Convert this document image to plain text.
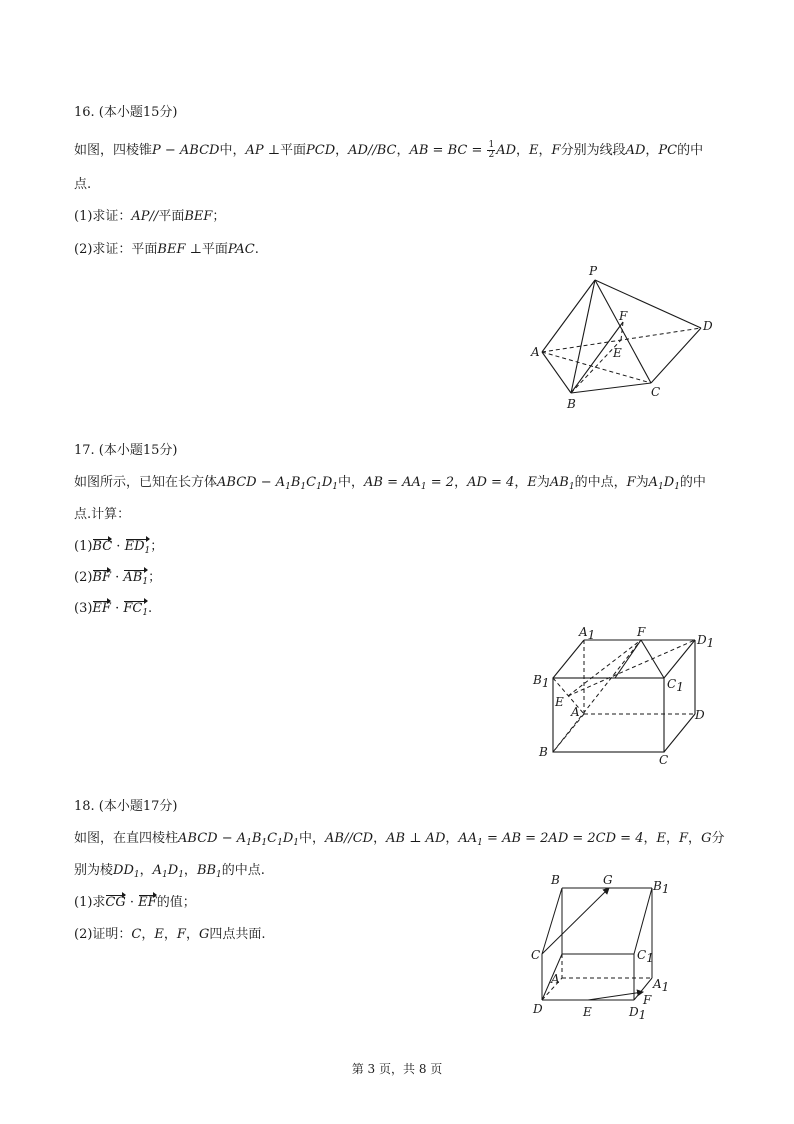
16. (本小题15分)
如图，四棱锥P − ABCD中，AP ⊥平面PCD，AD//BC，AB = BC = $\frac{1}{2}$ AD，E，F分别为线段AD，PC的中
点.
(1)求证：AP//平面BEF；
(2)求证：平面BEF ⊥平面PAC.
P
F
D
A	E
B
C
17. (本小题15分)
如图所示，已知在长方体ABCD − $A_1B_1C_1D_1$中，AB = $AA_1 = 2$，AD = 4，E为$AB_1$的中点，F为$A_1D_1$的中
点.计算：
$(1)BC \cdot ED_1$；
$(2)BF \cdot AB_1$；
$(3)EF \cdot FC_1$.
A1	F
D1
B1	C1
E
A	D
B
C
18. (本小题17分)
如图，在直四棱柱ABCD − $A_1B_1C_1D_1$中，AB//CD，AB ⊥ AD，$AA_1$ = AB = 2AD = 2CD = 4，E，F，G分
别为棱$DD_1$，$A_1D_1$，$BB_1$的中点.
(1)求CG · EF的值；
(2)证明：C，E，F，G四点共面.
B	G	B1
C	C1
A	A1
F
D	E	D1
第 3 页，共 8 页
